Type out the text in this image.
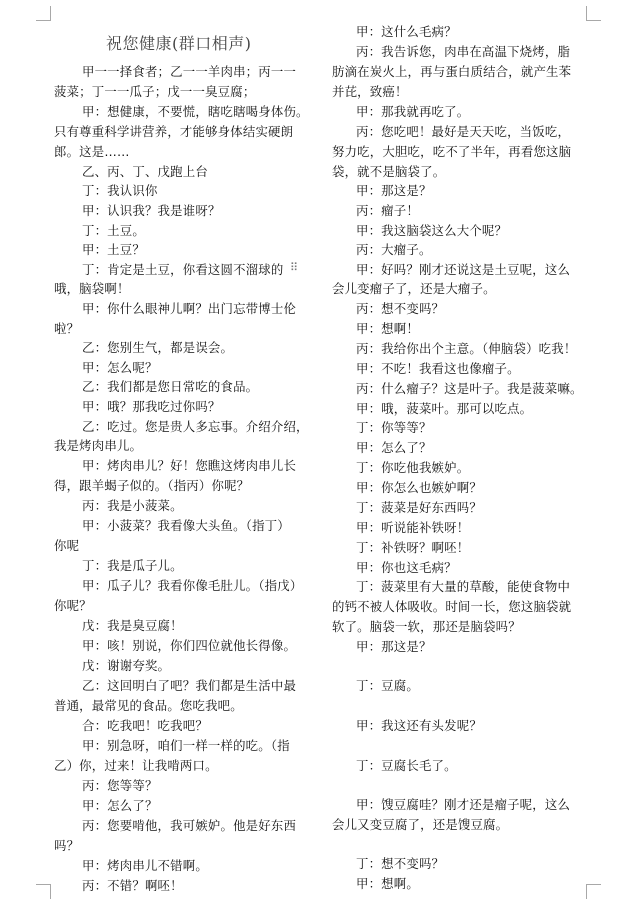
祝您健康(群口相声)
甲一一择食者；乙一一羊肉串；丙一一
菠菜；丁一一瓜子；戊一一臭豆腐；
甲：想健康，不要慌，瞎吃瞎喝身体伤。
只有尊重科学讲营养，才能够身体结实硬朗
郎。这是……
乙、丙、丁、戊跑上台
丁：我认识你
甲：认识我？我是谁呀？
丁：土豆。
甲：土豆？
丁：肯定是土豆，你看这圆不溜球的
哦，脑袋啊！
甲：你什么眼神儿啊？出门忘带博士伦
啦？
乙：您别生气，都是误会。
甲：怎么呢？
乙：我们都是您日常吃的食品。
甲：哦？那我吃过你吗？
乙：吃过。您是贵人多忘事。介绍介绍，
我是烤肉串儿。
甲：烤肉串儿？好！您瞧这烤肉串儿长
得，跟羊蝎子似的。（指丙）你呢？
丙：我是小菠菜。
甲：小菠菜？我看像大头鱼。（指丁）
你呢
丁：我是瓜子儿。
甲：瓜子儿？我看你像毛肚儿。（指戊）
你呢？
戊：我是臭豆腐！
甲：咳！别说，你们四位就他长得像。
戊：谢谢夸奖。
乙：这回明白了吧？我们都是生活中最
普通，最常见的食品。您吃我吧。
合：吃我吧！吃我吧？
甲：别急呀，咱们一样一样的吃。（指
乙）你，过来！让我啃两口。
丙：您等等？
甲：怎么了？
丙：您要啃他，我可嫉妒。他是好东西
吗？
甲：烤肉串儿不错啊。
丙：不错？啊呸！
⠿
甲：这什么毛病？
丙：我告诉您，肉串在高温下烧烤，脂
肪滴在炭火上，再与蛋白质结合，就产生苯
并芘，致癌！
甲：那我就再吃了。
丙：您吃吧！最好是天天吃，当饭吃，
努力吃，大胆吃，吃不了半年，再看您这脑
袋，就不是脑袋了。
甲：那这是？
丙：瘤子！
甲：我这脑袋这么大个呢？
丙：大瘤子。
甲：好吗？刚才还说这是土豆呢，这么
会儿变瘤子了，还是大瘤子。
丙：想不变吗？
甲：想啊！
丙：我给你出个主意。（伸脑袋）吃我！
甲：不吃！我看这也像瘤子。
丙：什么瘤子？这是叶子。我是菠菜嘛。
甲：哦，菠菜叶。那可以吃点。
丁：你等等？
甲：怎么了？
丁：你吃他我嫉妒。
甲：你怎么也嫉妒啊？
丁：菠菜是好东西吗？
甲：听说能补铁呀！
丁：补铁呀？啊呸！
甲：你也这毛病？
丁：菠菜里有大量的草酸，能使食物中
的钙不被人体吸收。时间一长，您这脑袋就
软了。脑袋一软，那还是脑袋吗？
甲：那这是？
丁：豆腐。
甲：我这还有头发呢？
丁：豆腐长毛了。
甲：馊豆腐哇？刚才还是瘤子呢，这么
会儿又变豆腐了，还是馊豆腐。
丁：想不变吗？
甲：想啊。
